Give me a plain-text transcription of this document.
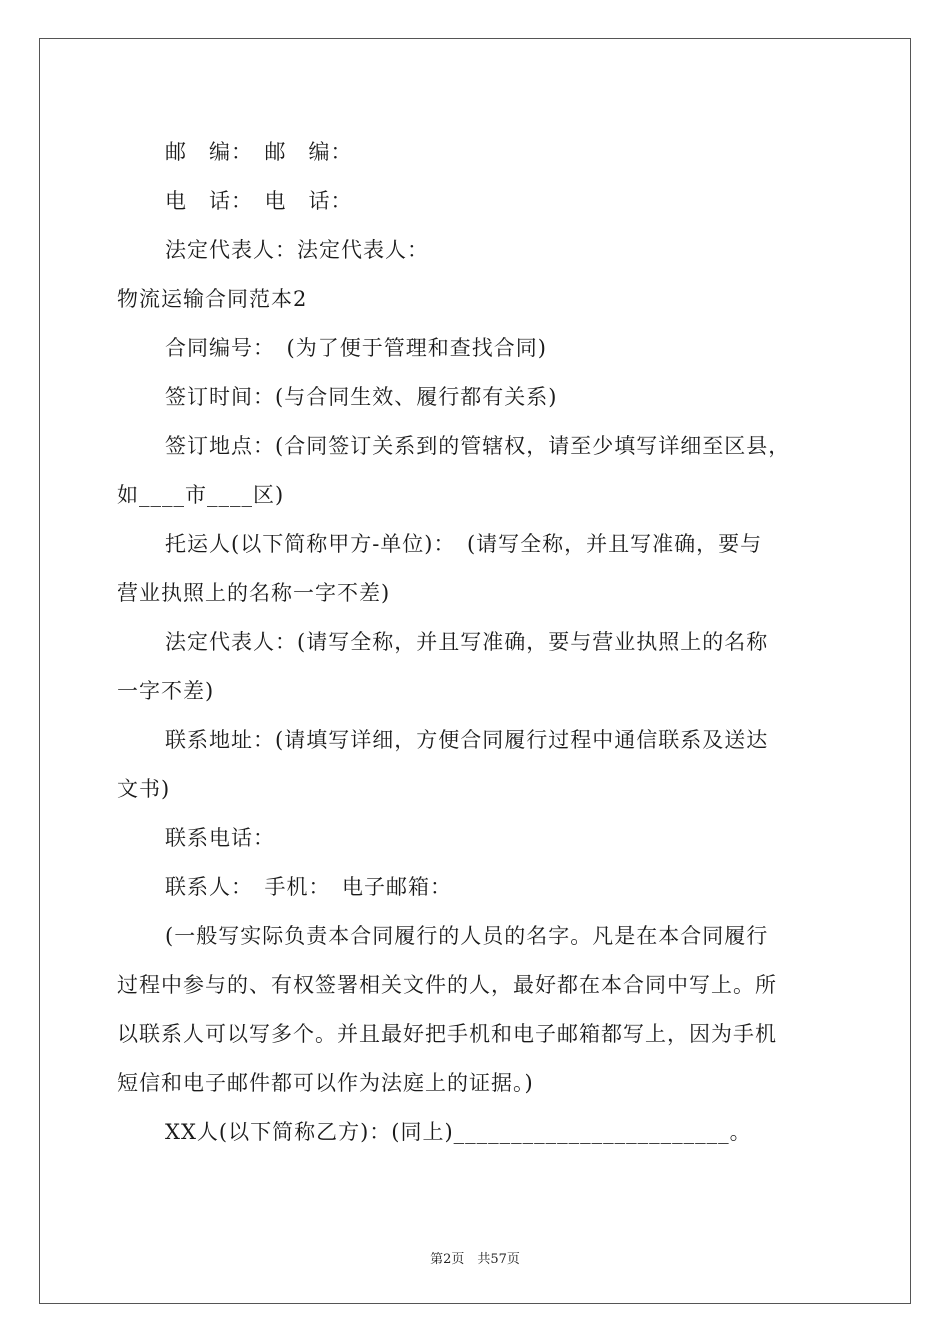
邮　编：　邮　编：
电　话：　电　话：
法定代表人：法定代表人：
物流运输合同范本2
合同编号：　(为了便于管理和查找合同)
签订时间：(与合同生效、履行都有关系)
签订地点：(合同签订关系到的管辖权，请至少填写详细至区县，
如____市____区)
托运人(以下简称甲方-单位)：　(请写全称，并且写准确，要与
营业执照上的名称一字不差)
法定代表人：(请写全称，并且写准确，要与营业执照上的名称
一字不差)
联系地址：(请填写详细，方便合同履行过程中通信联系及送达
文书)
联系电话：
联系人：　手机：　电子邮箱：
(一般写实际负责本合同履行的人员的名字。凡是在本合同履行
过程中参与的、有权签署相关文件的人，最好都在本合同中写上。所
以联系人可以写多个。并且最好把手机和电子邮箱都写上，因为手机
短信和电子邮件都可以作为法庭上的证据。)
XX人(以下简称乙方)：(同上)________________________。
第2页　共57页
